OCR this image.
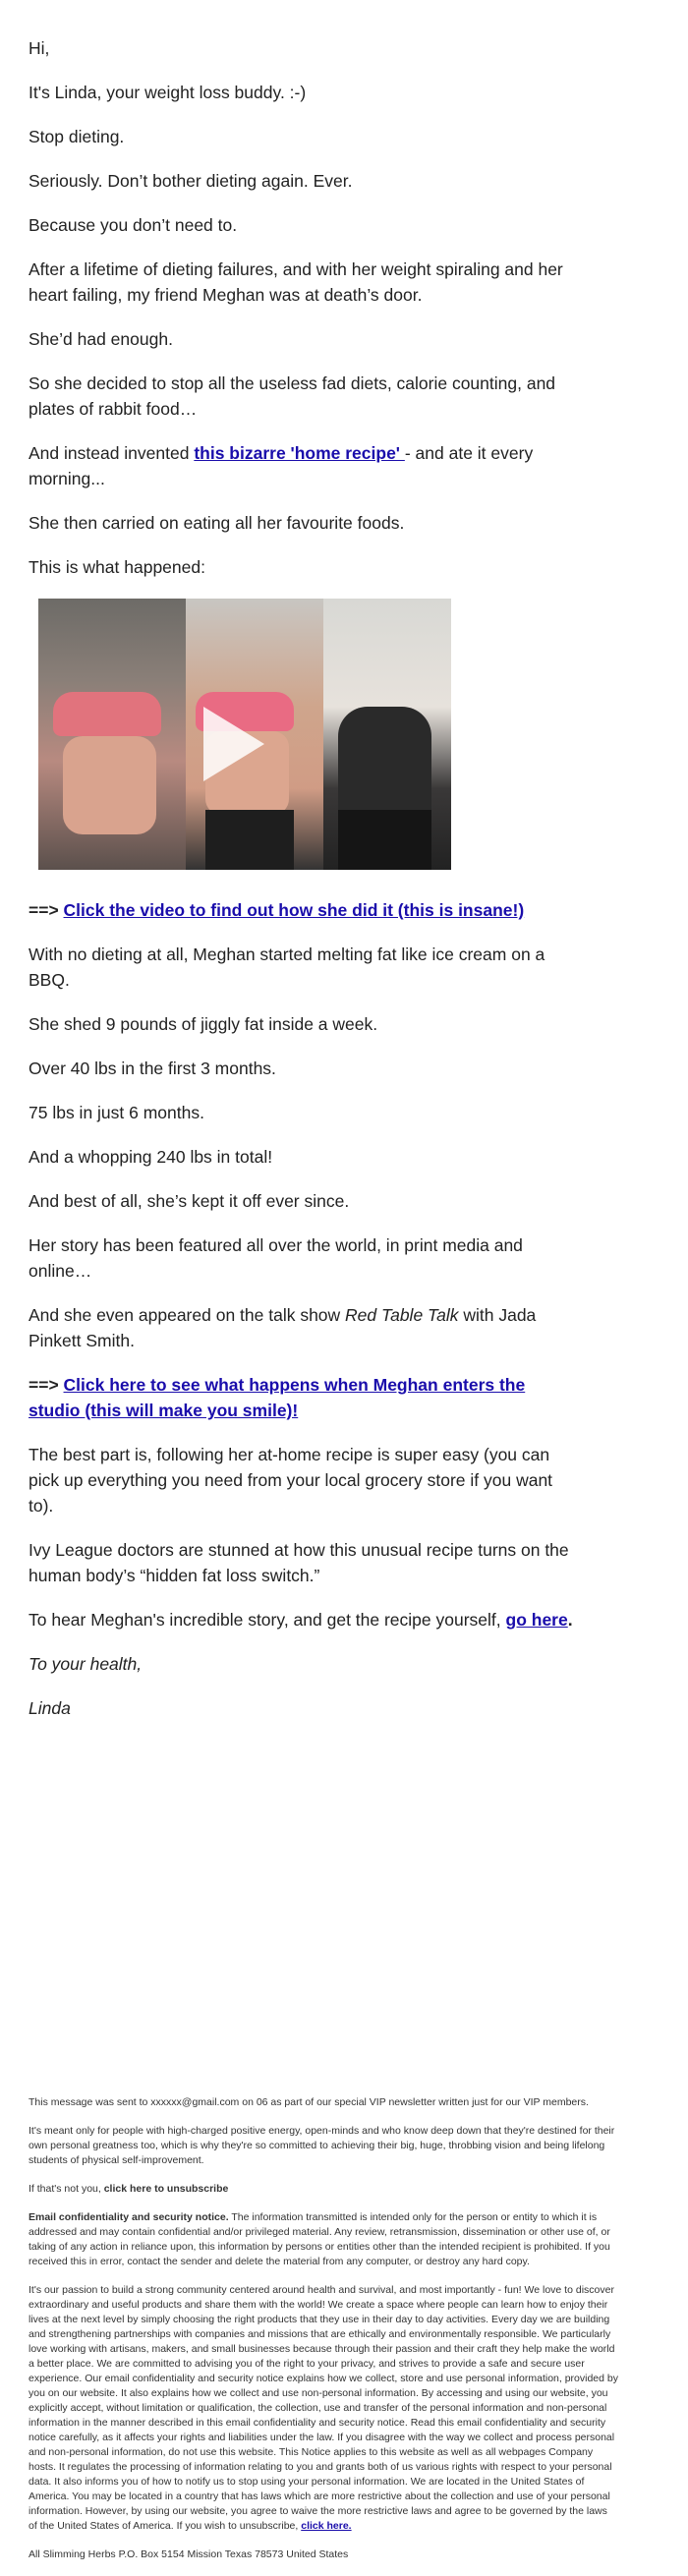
Hi,

It's Linda, your weight loss buddy. :-)

Stop dieting.

Seriously. Don’t bother dieting again. Ever.

Because you don’t need to.

After a lifetime of dieting failures, and with her weight spiraling and her heart failing, my friend Meghan was at death’s door.

She’d had enough.

So she decided to stop all the useless fad diets, calorie counting, and plates of rabbit food…

And instead invented this bizarre 'home recipe' - and ate it every morning...

She then carried on eating all her favourite foods.

This is what happened:

==> Click the video to find out how she did it (this is insane!)

With no dieting at all, Meghan started melting fat like ice cream on a BBQ.

She shed 9 pounds of jiggly fat inside a week.

Over 40 lbs in the first 3 months.

75 lbs in just 6 months.

And a whopping 240 lbs in total!

And best of all, she’s kept it off ever since.

Her story has been featured all over the world, in print media and online…

And she even appeared on the talk show Red Table Talk with Jada Pinkett Smith.

==> Click here to see what happens when Meghan enters the studio (this will make you smile)!

The best part is, following her at-home recipe is super easy (you can pick up everything you need from your local grocery store if you want to).

Ivy League doctors are stunned at how this unusual recipe turns on the human body’s “hidden fat loss switch.”

To hear Meghan's incredible story, and get the recipe yourself, go here.

To your health,

Linda

This message was sent to xxxxxx@gmail.com on 06 as part of our special VIP newsletter written just for our VIP members.

It's meant only for people with high-charged positive energy, open-minds and who know deep down that they're destined for their own personal greatness too, which is why they're so committed to achieving their big, huge, throbbing vision and being lifelong students of physical self-improvement.

If that's not you, click here to unsubscribe

Email confidentiality and security notice. The information transmitted is intended only for the person or entity to which it is addressed and may contain confidential and/or privileged material. Any review, retransmission, dissemination or other use of, or taking of any action in reliance upon, this information by persons or entities other than the intended recipient is prohibited. If you received this in error, contact the sender and delete the material from any computer, or destroy any hard copy.

It's our passion to build a strong community centered around health and survival, and most importantly - fun! We love to discover extraordinary and useful products and share them with the world! We create a space where people can learn how to enjoy their lives at the next level by simply choosing the right products that they use in their day to day activities. Every day we are building and strengthening partnerships with companies and missions that are ethically and environmentally responsible. We particularly love working with artisans, makers, and small businesses because through their passion and their craft they help make the world a better place. We are committed to advising you of the right to your privacy, and strives to provide a safe and secure user experience. Our email confidentiality and security notice explains how we collect, store and use personal information, provided by you on our website. It also explains how we collect and use non-personal information. By accessing and using our website, you explicitly accept, without limitation or qualification, the collection, use and transfer of the personal information and non-personal information in the manner described in this email confidentiality and security notice. Read this email confidentiality and security notice carefully, as it affects your rights and liabilities under the law. If you disagree with the way we collect and process personal and non-personal information, do not use this website. This Notice applies to this website as well as all webpages Company hosts. It regulates the processing of information relating to you and grants both of us various rights with respect to your personal data. It also informs you of how to notify us to stop using your personal information. We are located in the United States of America. You may be located in a country that has laws which are more restrictive about the collection and use of your personal information. However, by using our website, you agree to waive the more restrictive laws and agree to be governed by the laws of the United States of America. If you wish to unsubscribe, click here.

All Slimming Herbs P.O. Box 5154 Mission Texas 78573 United States
